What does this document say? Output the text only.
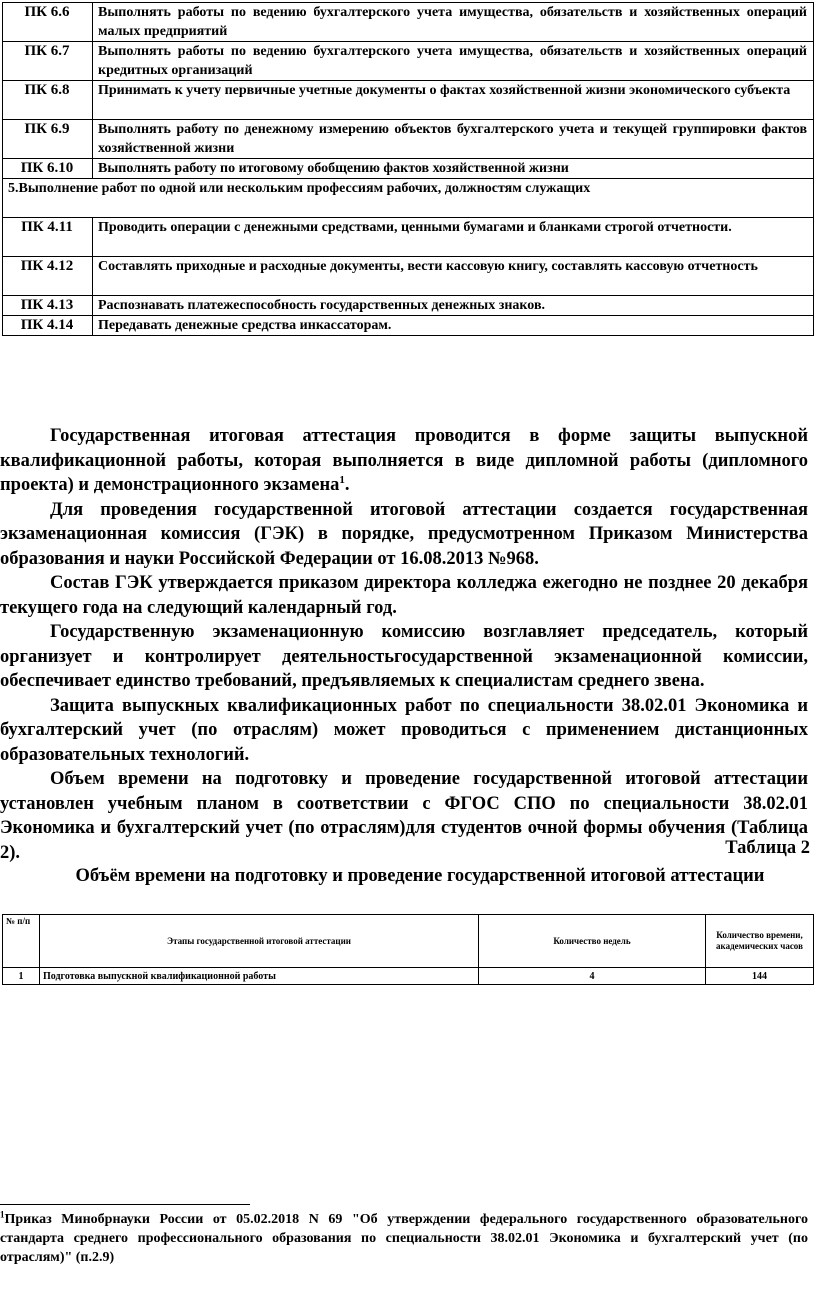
ПК 6.6	Выполнять работы по ведению бухгалтерского учета имущества, обязательств и хозяйственных операций малых предприятий
ПК 6.7	Выполнять работы по ведению бухгалтерского учета имущества, обязательств и хозяйственных операций кредитных организаций
ПК 6.8	Принимать к учету первичные учетные документы о фактах хозяйственной жизни экономического субъекта
ПК 6.9	Выполнять работу по денежному измерению объектов бухгалтерского учета и текущей группировки фактов хозяйственной жизни
ПК 6.10	Выполнять работу по итоговому обобщению фактов хозяйственной жизни
5.Выполнение работ по одной или нескольким профессиям рабочих, должностям служащих	
ПК 4.11	Проводить операции с денежными средствами, ценными бумагами и бланками строгой отчетности.
ПК 4.12	Составлять приходные и расходные документы, вести кассовую книгу, составлять кассовую отчетность
ПК 4.13	Распознавать платежеспособность государственных денежных знаков.
ПК 4.14	Передавать денежные средства инкассаторам.

Государственная итоговая аттестация проводится в форме защиты выпускной квалификационной работы, которая выполняется в виде дипломной работы (дипломного проекта) и демонстрационного экзамена$^1$.

Для проведения государственной итоговой аттестации создается государственная экзаменационная комиссия (ГЭК) в порядке, предусмотренном Приказом Министерства образования и науки Российской Федерации от 16.08.2013 №968.

Состав ГЭК утверждается приказом директора колледжа ежегодно не позднее 20 декабря текущего года на следующий календарный год.

Государственную экзаменационную комиссию возглавляет председатель, который организует и контролирует деятельностьгосударственной экзаменационной комиссии, обеспечивает единство требований, предъявляемых к специалистам среднего звена.

Защита выпускных квалификационных работ по специальности 38.02.01 Экономика и бухгалтерский учет (по отраслям) может проводиться с применением дистанционных образовательных технологий.

Объем времени на подготовку и проведение государственной итоговой аттестации установлен учебным планом в соответствии с ФГОС СПО по специальности 38.02.01 Экономика и бухгалтерский учет (по отраслям)для студентов очной формы обучения (Таблица 2).	Таблица 2
Объём времени на подготовку и проведение государственной итоговой аттестации
№ п/п	Этапы государственной итоговой аттестации	Количество недель	Количество времени, академических часов
1	Подготовка выпускной квалификационной работы	4	144
$^1$Приказ Минобрнауки России от 05.02.2018 N 69 "Об утверждении федерального государственного образовательного стандарта среднего профессионального образования по специальности 38.02.01 Экономика и бухгалтерский учет (по отраслям)" (п.2.9)
